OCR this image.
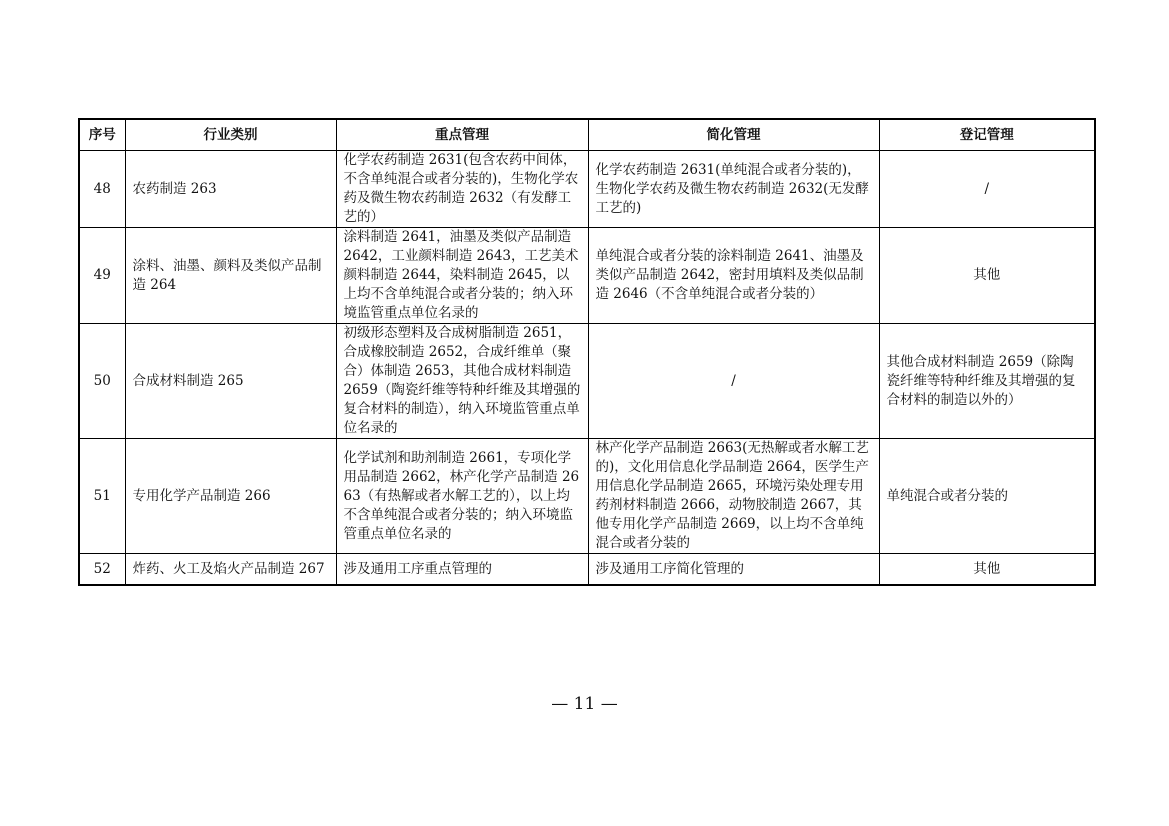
序号	行业类别	重点管理	简化管理	登记管理
48	农药制造 263	化学农药制造 2631(包含农药中间体，不含单纯混合或者分装的)，生物化学农药及微生物农药制造 2632（有发酵工艺的）	化学农药制造 2631(单纯混合或者分装的)，生物化学农药及微生物农药制造 2632(无发酵工艺的)	/
49	涂料、油墨、颜料及类似产品制造 264	涂料制造 2641，油墨及类似产品制造 2642，工业颜料制造 2643，工艺美术颜料制造 2644，染料制造 2645，以上均不含单纯混合或者分装的；纳入环境监管重点单位名录的	单纯混合或者分装的涂料制造 2641、油墨及类似产品制造 2642，密封用填料及类似品制造 2646（不含单纯混合或者分装的）	其他
50	合成材料制造 265	初级形态塑料及合成树脂制造 2651，合成橡胶制造 2652，合成纤维单（聚合）体制造 2653，其他合成材料制造 2659（陶瓷纤维等特种纤维及其增强的复合材料的制造），纳入环境监管重点单位名录的	/	其他合成材料制造 2659（除陶瓷纤维等特种纤维及其增强的复合材料的制造以外的）
51	专用化学产品制造 266	化学试剂和助剂制造 2661，专项化学用品制造 2662，林产化学产品制造 2663（有热解或者水解工艺的），以上均不含单纯混合或者分装的；纳入环境监管重点单位名录的	林产化学产品制造 2663(无热解或者水解工艺的)，文化用信息化学品制造 2664，医学生产用信息化学品制造 2665，环境污染处理专用药剂材料制造 2666，动物胶制造 2667，其他专用化学产品制造 2669，以上均不含单纯混合或者分装的	单纯混合或者分装的
52	炸药、火工及焰火产品制造 267	涉及通用工序重点管理的	涉及通用工序简化管理的	其他
— 11 —
